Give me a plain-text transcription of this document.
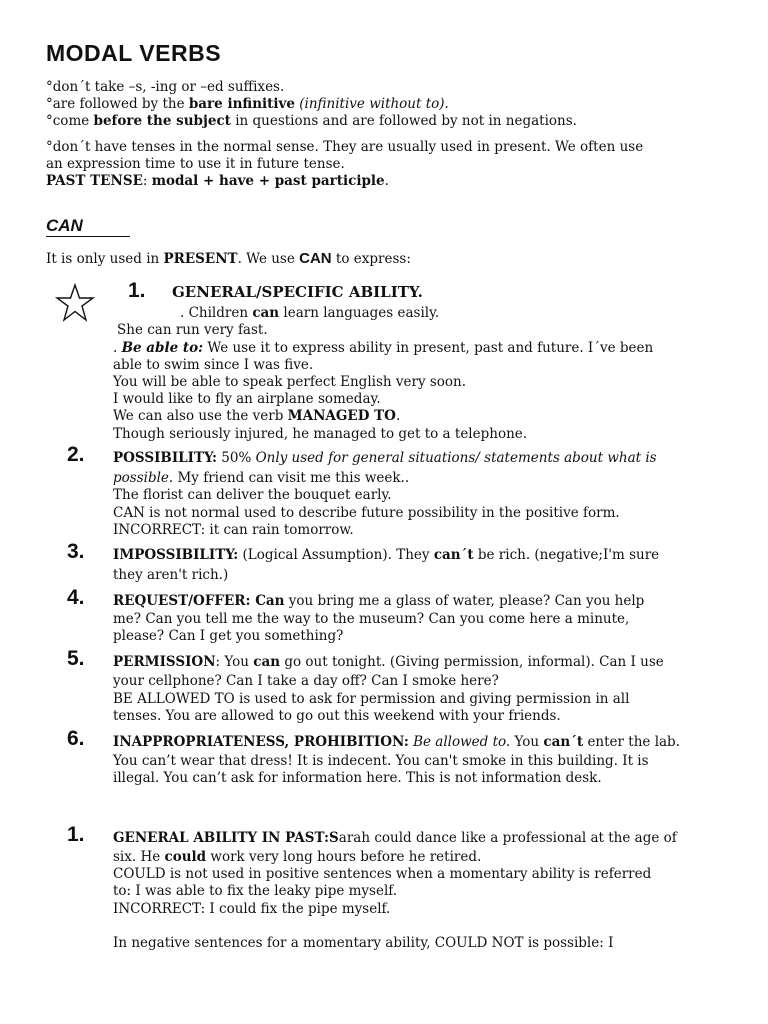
MODAL VERBS
°don´t take –s, -ing or –ed suffixes.
°are followed by the bare infinitive (infinitive without to).
°come before the subject in questions and are followed by not in negations.
°don´t have tenses in the normal sense. They are usually used in present. We often use
an expression time to use it in future tense.
PAST TENSE: modal + have + past participle.
CAN
It is only used in PRESENT. We use CAN to express:
1. GENERAL/SPECIFIC ABILITY.
. Children can learn languages easily.
She can run very fast.
. Be able to: We use it to express ability in present, past and future. I´ve been
able to swim since I was five.
You will be able to speak perfect English very soon.
I would like to fly an airplane someday.
We can also use the verb MANAGED TO.
Though seriously injured, he managed to get to a telephone.
2. POSSIBILITY: 50% Only used for general situations/ statements about what is
possible. My friend can visit me this week..
The florist can deliver the bouquet early.
CAN is not normal used to describe future possibility in the positive form.
INCORRECT: it can rain tomorrow.
3. IMPOSSIBILITY: (Logical Assumption). They can´t be rich. (negative;I'm sure
they aren't rich.)
4. REQUEST/OFFER: Can you bring me a glass of water, please? Can you help
me? Can you tell me the way to the museum? Can you come here a minute,
please? Can I get you something?
5. PERMISSION: You can go out tonight. (Giving permission, informal). Can I use
your cellphone? Can I take a day off? Can I smoke here?
BE ALLOWED TO is used to ask for permission and giving permission in all
tenses. You are allowed to go out this weekend with your friends.
6. INAPPROPRIATENESS, PROHIBITION: Be allowed to. You can´t enter the lab.
You can’t wear that dress! It is indecent. You can't smoke in this building. It is
illegal. You can’t ask for information here. This is not information desk.
1. GENERAL ABILITY IN PAST:Sarah could dance like a professional at the age of
six. He could work very long hours before he retired.
COULD is not used in positive sentences when a momentary ability is referred
to: I was able to fix the leaky pipe myself.
INCORRECT: I could fix the pipe myself.
In negative sentences for a momentary ability, COULD NOT is possible: I
